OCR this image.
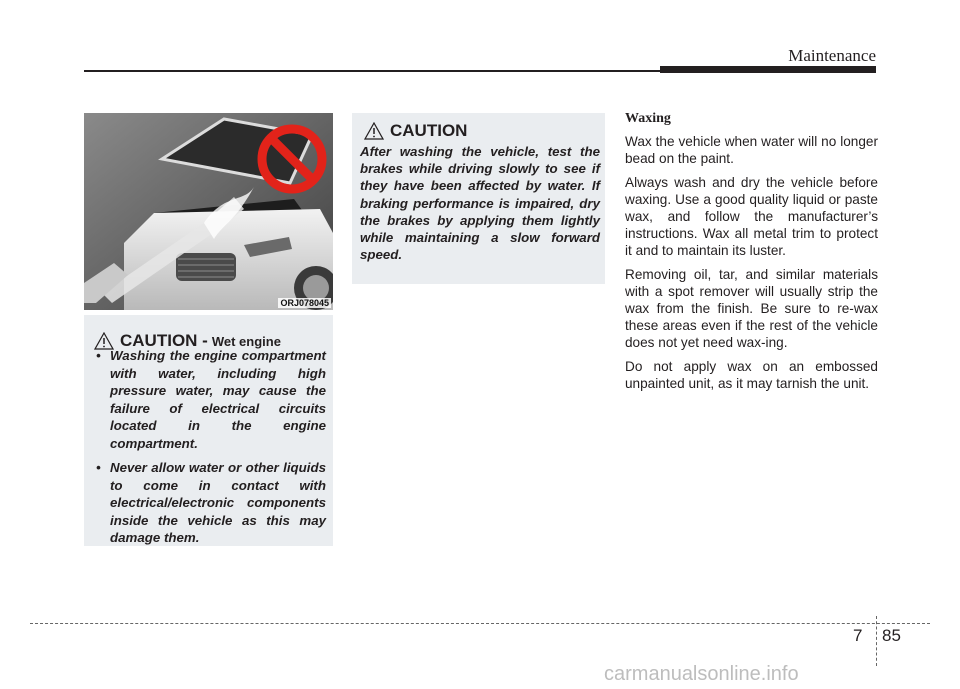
Maintenance
ORJ078045
CAUTION - Wet engine
• Washing the engine compartment with water, including high pressure water, may cause the failure of electrical circuits located in the engine compartment.
• Never allow water or other liquids to come in contact with electrical/electronic components inside the vehicle as this may damage them.
CAUTION
After washing the vehicle, test the brakes while driving slowly to see if they have been affected by water. If braking performance is impaired, dry the brakes by applying them lightly while maintaining a slow forward speed.
Waxing

Wax the vehicle when water will no longer bead on the paint.

Always wash and dry the vehicle before waxing. Use a good quality liquid or paste wax, and follow the manufacturer’s instructions. Wax all metal trim to protect it and to maintain its luster.

Removing oil, tar, and similar materials with a spot remover will usually strip the wax from the finish. Be sure to re-wax these areas even if the rest of the vehicle does not yet need wax-ing.

Do not apply wax on an embossed unpainted unit, as it may tarnish the unit.

7 85
carmanualsonline.info
